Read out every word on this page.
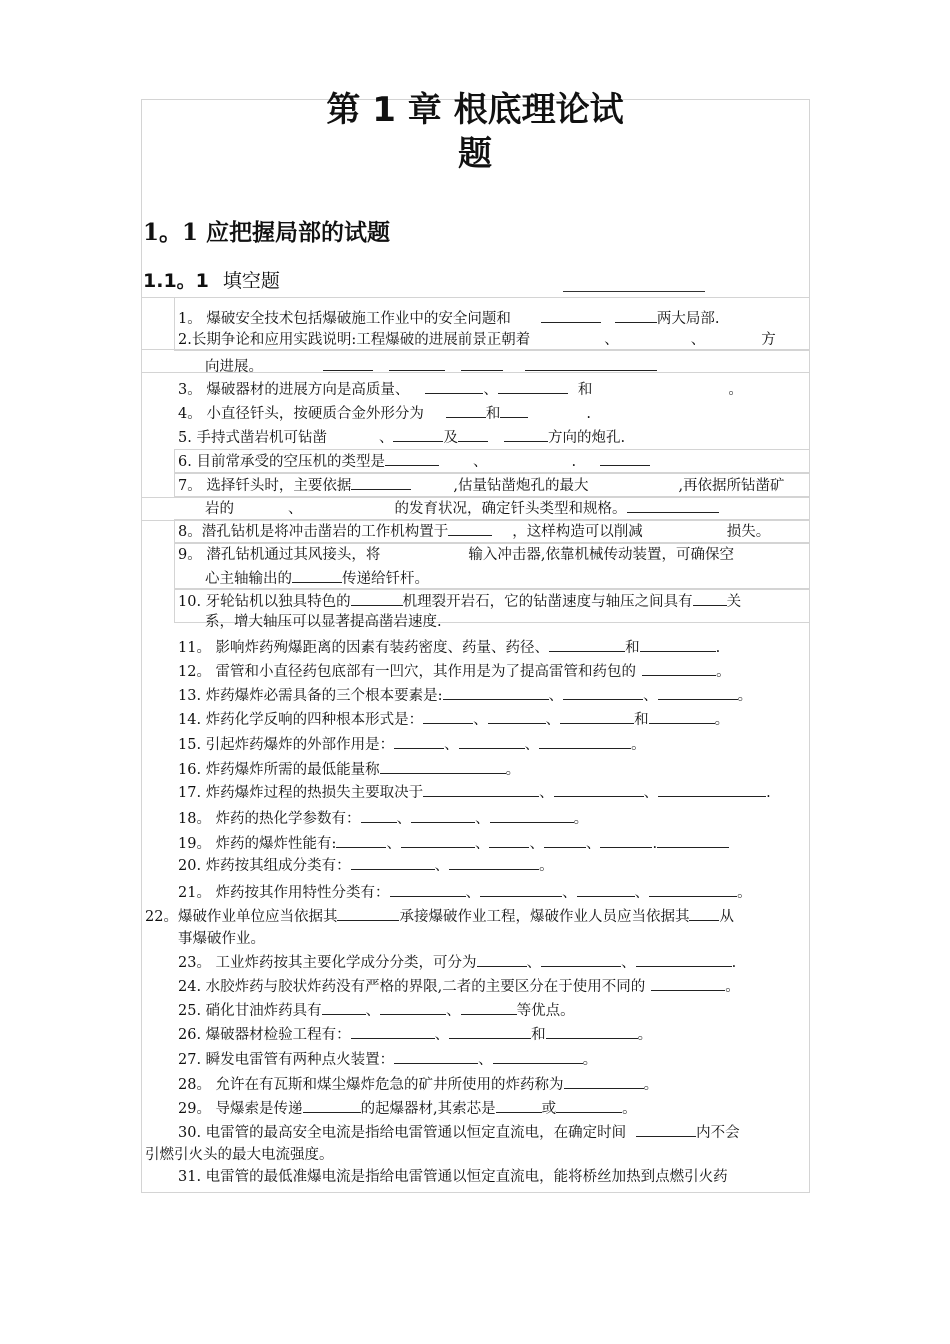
第 1 章 根底理论试
题
1。1 应把握局部的试题
1.1。1 填空题
1。 爆破安全技术包括爆破施工作业中的安全问题和	两大局部.
2.长期争论和应用实践说明:工程爆破的进展前景正朝着	、	、	方
向进展。
3。 爆破器材的进展方向是高质量、	、	和	。
4。 小直径钎头，按硬质合金外形分为	和	.
5. 手持式凿岩机可钻凿	、	及	方向的炮孔.
6. 目前常承受的空压机的类型是	、	.
7。 选择钎头时，主要依据	,估量钻凿炮孔的最大	,再依据所钻凿矿
岩的	、	的发育状况，确定钎头类型和规格。
8。潜孔钻机是将冲击凿岩的工作机构置于	，这样构造可以削减	损失。
9。 潜孔钻机通过其风接头，将	输入冲击器,依靠机械传动装置，可确保空
心主轴输出的	传递给钎杆。
10. 牙轮钻机以独具特色的	机理裂开岩石，它的钻凿速度与轴压之间具有 关
系，增大轴压可以显著提高凿岩速度.
11。 影响炸药殉爆距离的因素有装药密度、药量、药径、	和	.
12。 雷管和小直径药包底部有一凹穴，其作用是为了提高雷管和药包的	。
13. 炸药爆炸必需具备的三个根本要素是:	、	、	。
14. 炸药化学反响的四种根本形式是：	、	、	和	。
15. 引起炸药爆炸的外部作用是：	、	、	。
16. 炸药爆炸所需的最低能量称	。
17. 炸药爆炸过程的热损失主要取决于	、	、	.
18。 炸药的热化学参数有： 、	、	。
19。 炸药的爆炸性能有:	、	、	、	、	.
20. 炸药按其组成分类有：	、	。
21。 炸药按其作用特性分类有：	、	、	、	。
22。爆破作业单位应当依据其	承接爆破作业工程，爆破作业人员应当依据其 从
事爆破作业。
23。 工业炸药按其主要化学成分分类，可分为	、	、	.
24. 水胶炸药与胶状炸药没有严格的界限,二者的主要区分在于使用不同的	。
25. 硝化甘油炸药具有	、	、	等优点。
26. 爆破器材检验工程有：	、	和	。
27. 瞬发电雷管有两种点火装置：	、	。
28。 允许在有瓦斯和煤尘爆炸危急的矿井所使用的炸药称为	。
29。 导爆索是传递	的起爆器材,其索芯是	或	。
30. 电雷管的最高安全电流是指给电雷管通以恒定直流电，在确定时间	内不会
引燃引火头的最大电流强度。
31. 电雷管的最低准爆电流是指给电雷管通以恒定直流电，能将桥丝加热到点燃引火药
